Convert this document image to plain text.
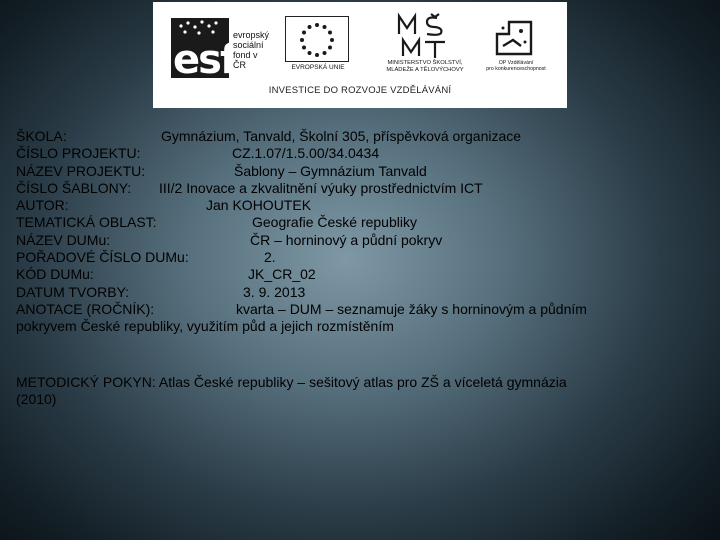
esf
evropský
sociální
fond v ČR	EVROPSKÁ UNIE
MINISTERSTVO ŠKOLSTVÍ,
MLÁDEŽE A TĚLOVÝCHOVY
OP Vzdělávání
pro konkurenceschopnost
INVESTICE DO ROZVOJE VZDĚLÁVÁNÍ
ŠKOLA:	Gymnázium, Tanvald, Školní 305, příspěvková organizace
ČÍSLO PROJEKTU:	CZ.1.07/1.5.00/34.0434
NÁZEV PROJEKTU:	Šablony – Gymnázium Tanvald
ČÍSLO ŠABLONY: III/2 Inovace a zkvalitnění výuky prostřednictvím ICT
AUTOR:	Jan KOHOUTEK
TEMATICKÁ OBLAST:	Geografie České republiky
NÁZEV DUMu:	ČR – horninový a půdní pokryv
POŘADOVÉ ČÍSLO DUMu:	2.
KÓD DUMu:	JK_CR_02
DATUM TVORBY:	3. 9. 2013
ANOTACE (ROČNÍK):	kvarta – DUM – seznamuje žáky s horninovým a půdním
pokryvem České republiky, využitím půd a jejich rozmístěním
METODICKÝ POKYN: Atlas České republiky – sešitový atlas pro ZŠ a víceletá gymnázia
(2010)
